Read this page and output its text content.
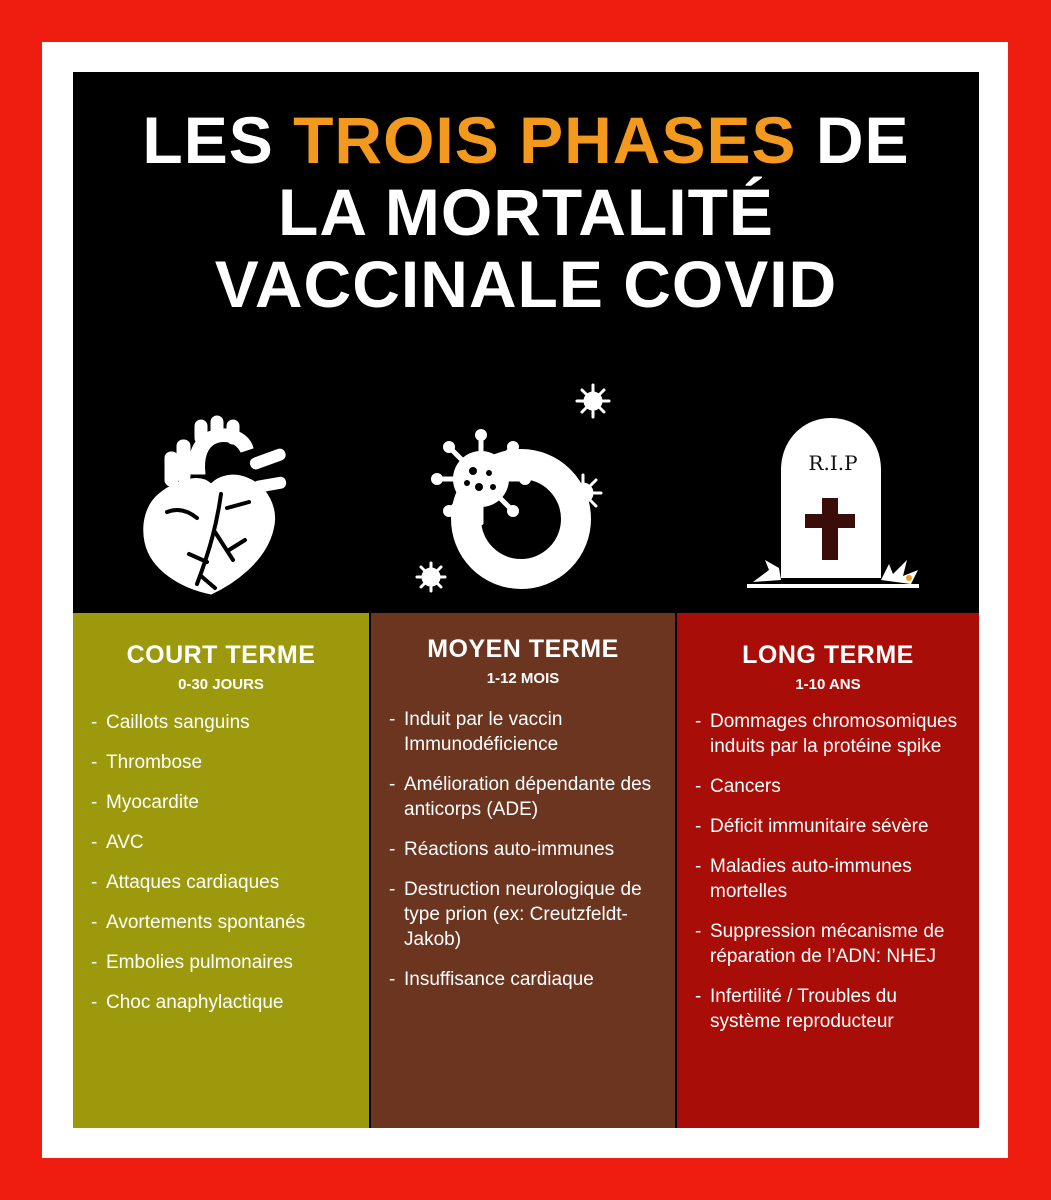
LES TROIS PHASES DE
LA MORTALITÉ
VACCINALE COVID
R.I.P
COURT TERME
0-30 JOURS
- Caillots sanguins
- Thrombose
- Myocardite
- AVC
- Attaques cardiaques
- Avortements spontanés
- Embolies pulmonaires
- Choc anaphylactique
MOYEN TERME
1-12 MOIS
- Induit par le vaccin Immunodéficience
- Amélioration dépendante des anticorps (ADE)
- Réactions auto-immunes
- Destruction neurologique de type prion (ex: Creutzfeldt-Jakob)
- Insuffisance cardiaque
LONG TERME
1-10 ANS
- Dommages chromosomiques induits par la protéine spike
- Cancers
- Déficit immunitaire sévère
- Maladies auto-immunes mortelles
- Suppression mécanisme de réparation de l’ADN: NHEJ
- Infertilité / Troubles du système reproducteur
